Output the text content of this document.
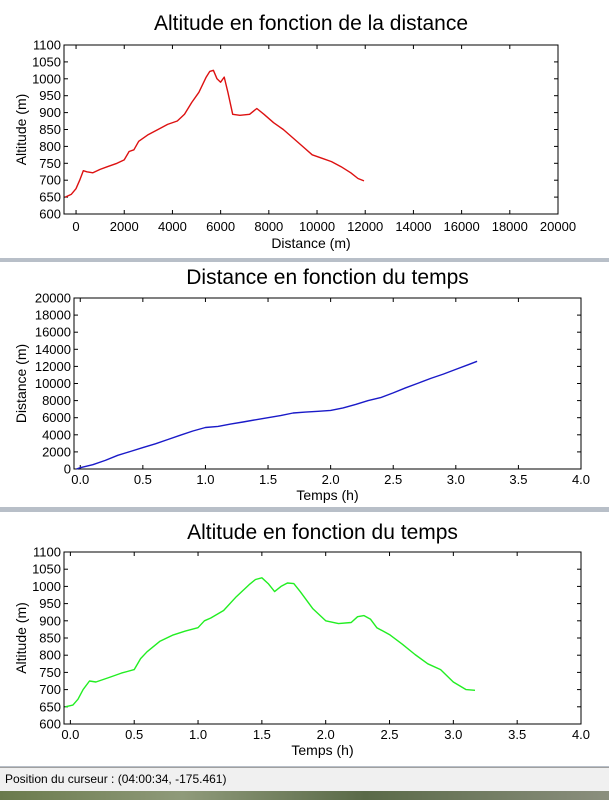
Altitude en fonction de la distance
0 2000 4000 6000 8000 10000 12000 14000 16000 18000 20000
600
650
700
750
800
850
900
950
1000
1050
1100
Distance (m)
Altitude (m)
Distance en fonction du temps
0.0	0.5	1.0	1.5	2.0	2.5	3.0	3.5	4.0
0
2000
4000
6000
8000
10000
12000
14000
16000
18000
20000
Temps (h)
Distance (m)
Altitude en fonction du temps
0.0	0.5	1.0	1.5	2.0	2.5	3.0	3.5	4.0
600
650
700
750
800
850
900
950
1000
1050
1100
Temps (h)
Altitude (m)
Position du curseur : (04:00:34, -175.461)
